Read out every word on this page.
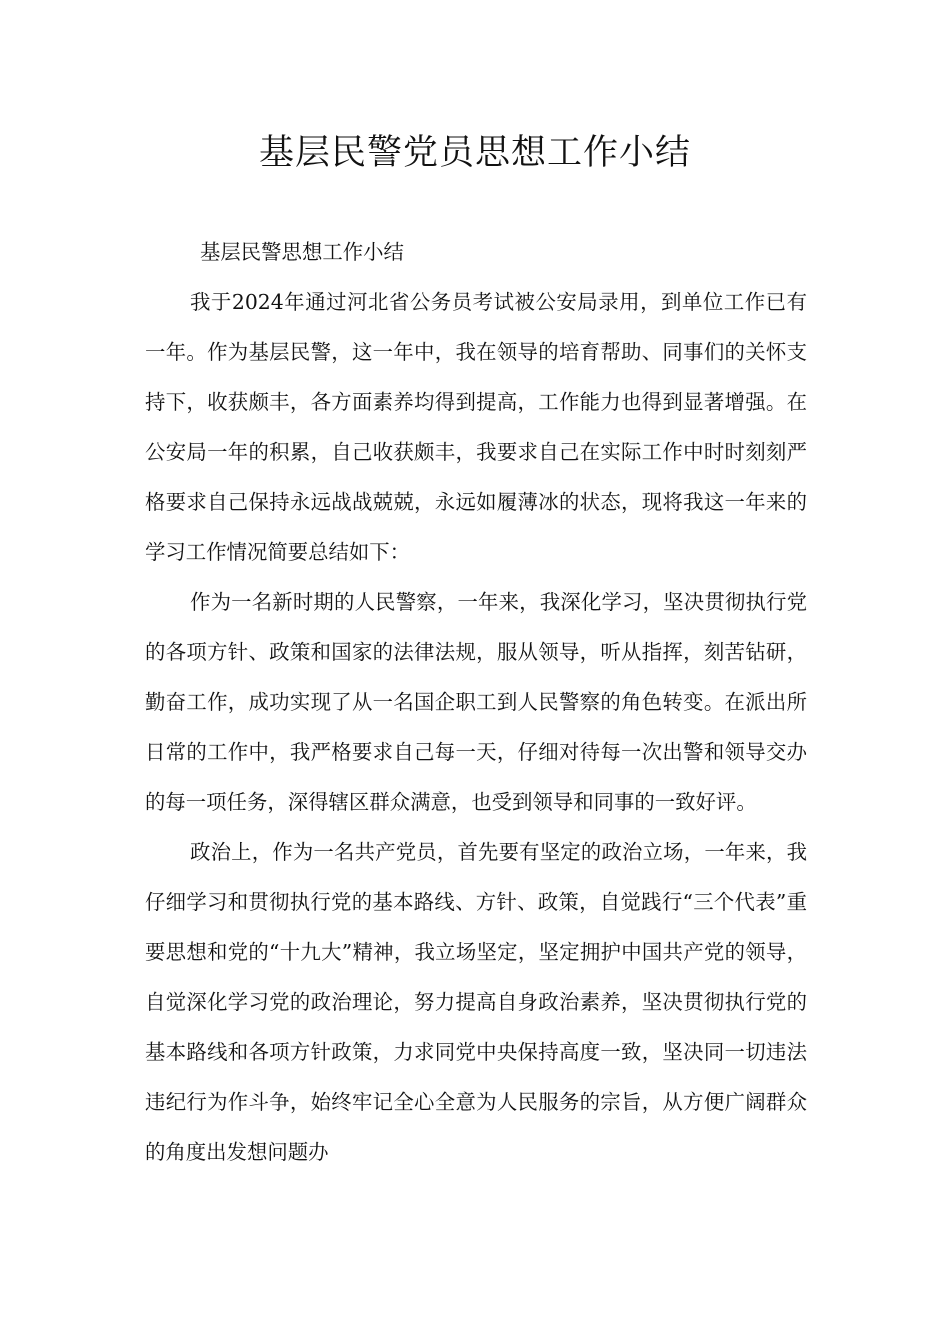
基层民警党员思想工作小结

基层民警思想工作小结

我于2024年通过河北省公务员考试被公安局录用，到单位工作已有一年。作为基层民警，这一年中，我在领导的培育帮助、同事们的关怀支持下，收获颇丰，各方面素养均得到提高，工作能力也得到显著增强。在公安局一年的积累，自己收获颇丰，我要求自己在实际工作中时时刻刻严格要求自己保持永远战战兢兢，永远如履薄冰的状态，现将我这一年来的学习工作情况简要总结如下：

作为一名新时期的人民警察，一年来，我深化学习，坚决贯彻执行党的各项方针、政策和国家的法律法规，服从领导，听从指挥，刻苦钻研，勤奋工作，成功实现了从一名国企职工到人民警察的角色转变。在派出所日常的工作中，我严格要求自己每一天，仔细对待每一次出警和领导交办的每一项任务，深得辖区群众满意，也受到领导和同事的一致好评。

政治上，作为一名共产党员，首先要有坚定的政治立场，一年来，我仔细学习和贯彻执行党的基本路线、方针、政策，自觉践行“三个代表”重要思想和党的“十九大”精神，我立场坚定，坚定拥护中国共产党的领导，自觉深化学习党的政治理论，努力提高自身政治素养，坚决贯彻执行党的基本路线和各项方针政策，力求同党中央保持高度一致，坚决同一切违法违纪行为作斗争，始终牢记全心全意为人民服务的宗旨，从方便广阔群众的角度出发想问题办
